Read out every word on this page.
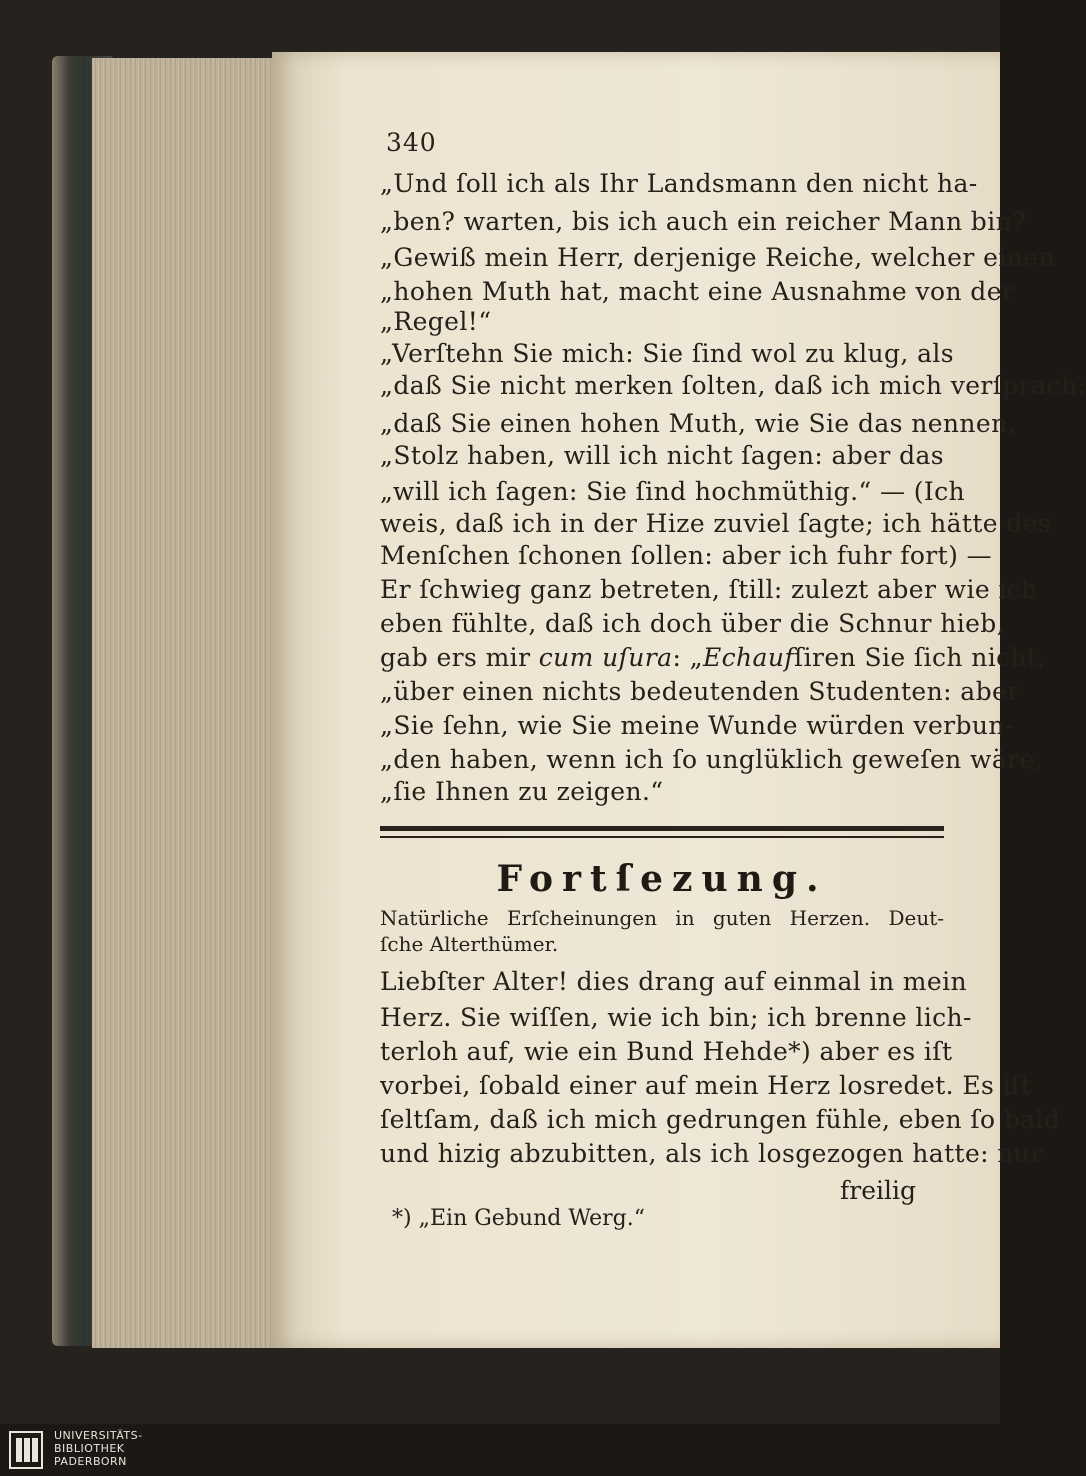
340
„Und ſoll ich als Ihr Landsmann den nicht ha-
„ben? warten, bis ich auch ein reicher Mann bin?
„Gewiß mein Herr, derjenige Reiche, welcher einen
„hohen Muth hat, macht eine Ausnahme von der
„Regel!“
„Verſtehn Sie mich: Sie ſind wol zu klug, als
„daß Sie nicht merken ſolten, daß ich mich verſprach:
„daß Sie einen hohen Muth, wie Sie das nennen,
„Stolz haben, will ich nicht ſagen: aber das
„will ich ſagen: Sie ſind hochmüthig.“ — (Ich
weis, daß ich in der Hize zuviel ſagte; ich hätte des
Menſchen ſchonen ſollen: aber ich fuhr fort) —
Er ſchwieg ganz betreten, ſtill: zulezt aber wie ich
eben fühlte, daß ich doch über die Schnur hieb,
gab ers mir cum uſura: „Echaufſiren Sie ſich nicht,
„über einen nichts bedeutenden Studenten: aber
„Sie ſehn, wie Sie meine Wunde würden verbun-
„den haben, wenn ich ſo unglüklich geweſen wäre,
„ſie Ihnen zu zeigen.“
Natürliche Erſcheinungen in guten Herzen. Deut-
ſche Alterthümer.
Liebſter Alter! dies drang auf einmal in mein
Herz. Sie wiſſen, wie ich bin; ich brenne lich-
terloh auf, wie ein Bund Hehde*) aber es iſt
vorbei, ſobald einer auf mein Herz losredet. Es iſt
ſeltſam, daß ich mich gedrungen fühle, eben ſo bald
und hizig abzubitten, als ich losgezogen hatte: nur
Fortſezung.
freilig
*) „Ein Gebund Werg.“
UNIVERSITÄTS-
BIBLIOTHEK
PADERBORN
